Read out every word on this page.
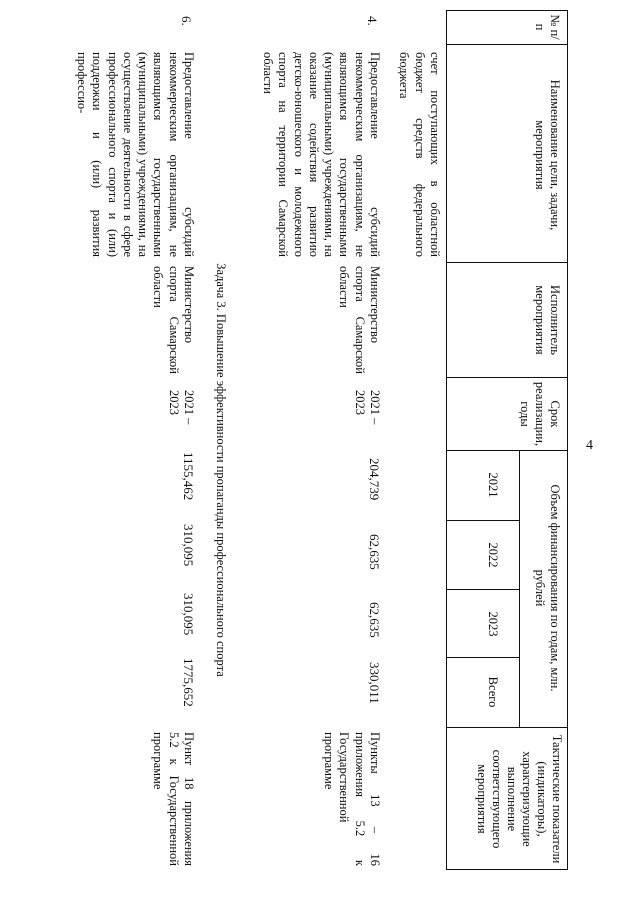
4
№ п/п
Наименование цели, задачи, мероприятия
Исполнитель мероприятия
Срок реализации, годы
Объем финансирования по годам, млн. рублей
2021
2022
2023
Всего
Тактические показатели (индикаторы), характеризующие выполнение соответствующего мероприятия
счет поступающих в областной бюджет средств федерального бюджета
4.
Предоставление субсидий некоммерческим организациям, не являющимся государственными (муниципальными) учреждениями, на оказание содействия развитию детско-юношеского и молодежного спорта на территории Самарской области
Министерство спорта Самарской области
2021 – 2023
204,739
62,635
62,635
330,011
Пункты 13 – 16 приложения 5.2 к Государственной программе
Задача 3. Повышение эффективности пропаганды профессионального спорта
6.
Предоставление субсидий некоммерческим организациям, не являющимся государственными (муниципальными) учреждениями, на осуществление деятельности в сфере профессионального спорта и (или) поддержки и (или) развития профессио-
Министерство спорта Самарской области
2021 – 2023
1155,462
310,095
310,095
1775,652
Пункт 18 приложения 5.2 к Государственной программе
